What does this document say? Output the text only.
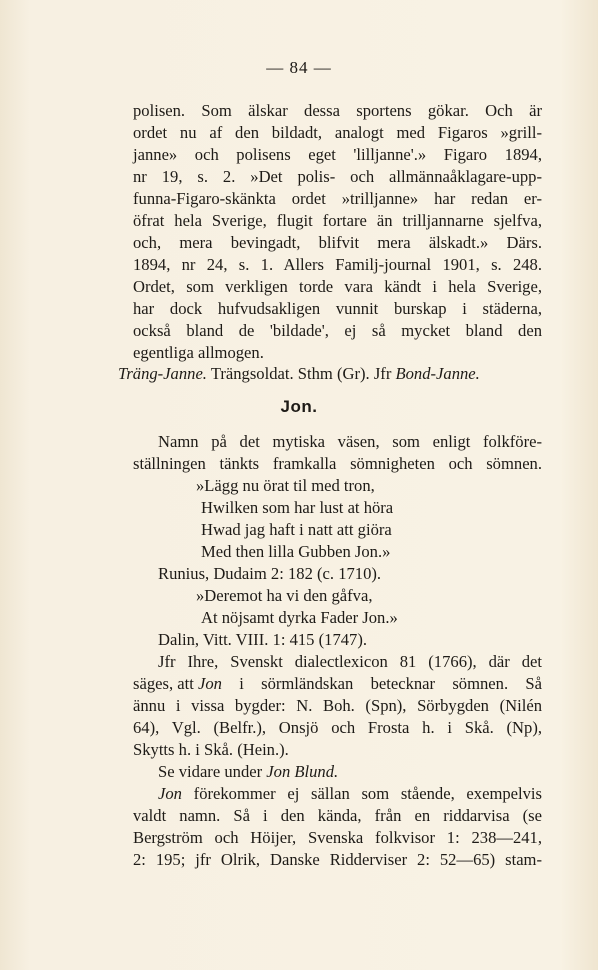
— 84 —
polisen. Som älskar dessa sportens gökar. Och är
ordet nu af den bildadt, analogt med Figaros »grill-
janne» och polisens eget 'lilljanne'.» Figaro 1894,
nr 19, s. 2. »Det polis- och allmännaåklagare-upp-
funna-Figaro-skänkta ordet »trilljanne» har redan er-
öfrat hela Sverige, flugit fortare än trilljannarne sjelfva,
och, mera bevingadt, blifvit mera älskadt.» Därs.
1894, nr 24, s. 1. Allers Familj-journal 1901, s. 248.
Ordet, som verkligen torde vara kändt i hela Sverige,
har dock hufvudsakligen vunnit burskap i städerna,
också bland de 'bildade', ej så mycket bland den
egentliga allmogen.
Träng-Janne. Trängsoldat. Sthm (Gr). Jfr Bond-Janne.
Jon.
Namn på det mytiska väsen, som enligt folkföre-
ställningen tänkts framkalla sömnigheten och sömnen.
»Lägg nu örat til med tron,
Hwilken som har lust at höra
Hwad jag haft i natt att giöra
Med then lilla Gubben Jon.»
Runius, Dudaim 2: 182 (c. 1710).
»Deremot ha vi den gåfva,
At nöjsamt dyrka Fader Jon.»
Dalin, Vitt. VIII. 1: 415 (1747).
Jfr Ihre, Svenskt dialectlexicon 81 (1766), där det
säges, att Jon i sörmländskan betecknar sömnen. Så
ännu i vissa bygder: N. Boh. (Spn), Sörbygden (Nilén
64), Vgl. (Belfr.), Onsjö och Frosta h. i Skå. (Np),
Skytts h. i Skå. (Hein.).
Se vidare under Jon Blund.
Jon förekommer ej sällan som stående, exempelvis
valdt namn. Så i den kända, från en riddarvisa (se
Bergström och Höijer, Svenska folkvisor 1: 238—241,
2: 195; jfr Olrik, Danske Ridderviser 2: 52—65) stam-
